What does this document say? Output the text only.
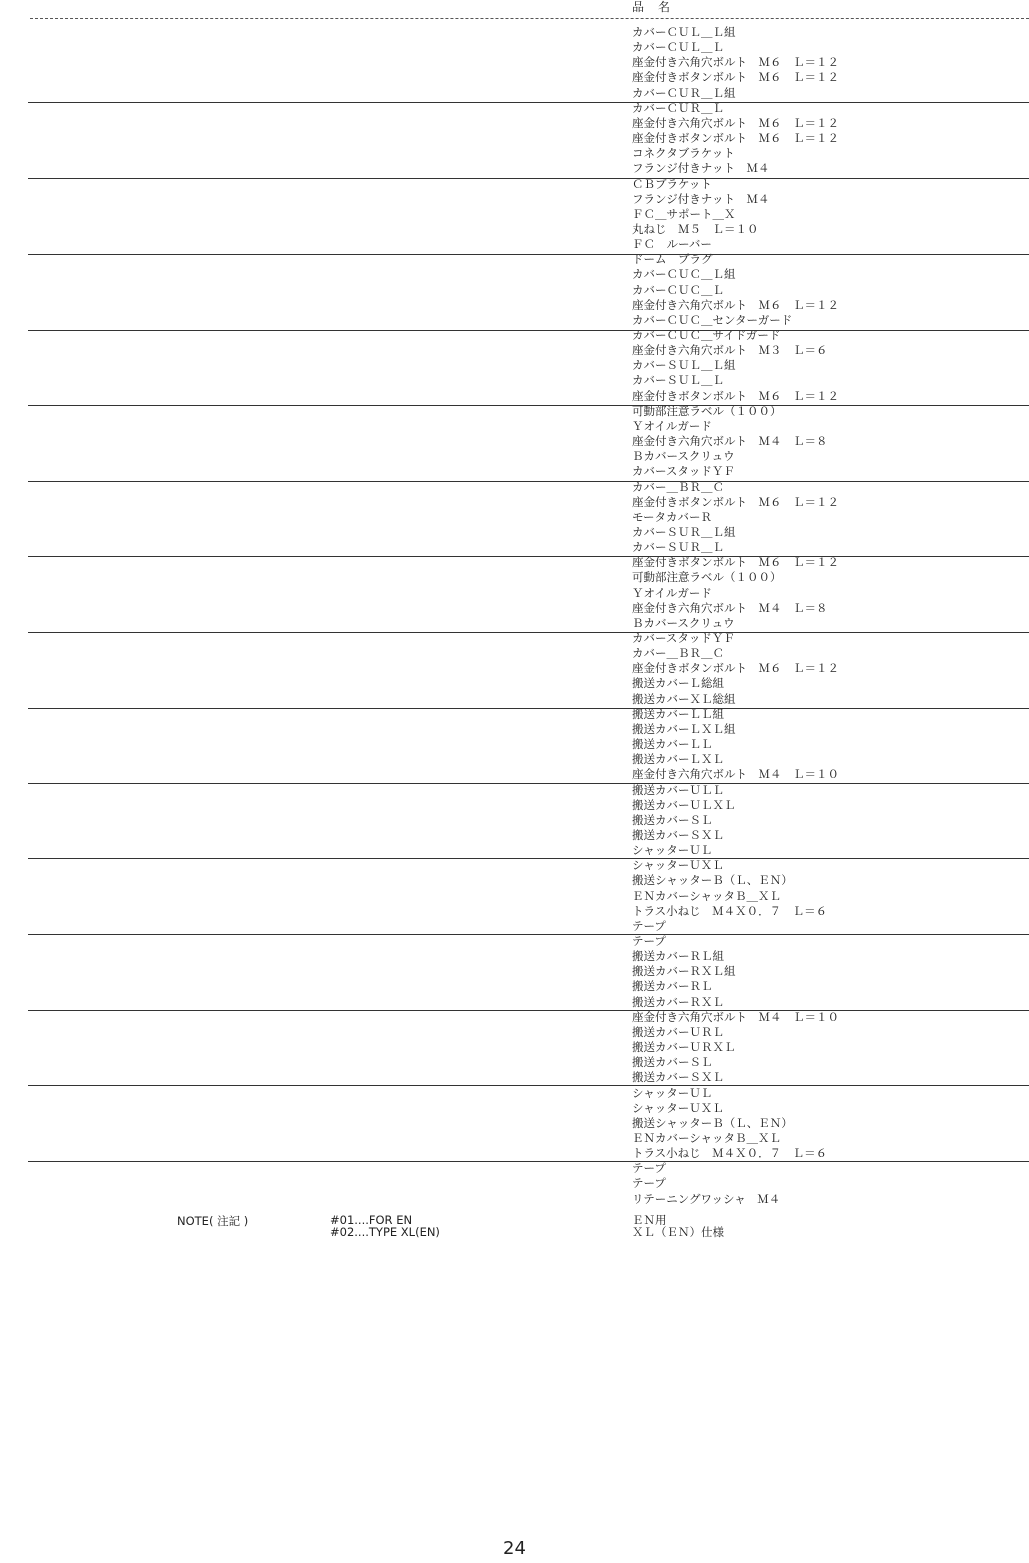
品　名
カバーＣＵＬ＿Ｌ組
カバーＣＵＬ＿Ｌ
座金付き六角穴ボルト　Ｍ６　Ｌ＝１２
座金付きボタンボルト　Ｍ６　Ｌ＝１２
カバーＣＵＲ＿Ｌ組
カバーＣＵＲ＿Ｌ
座金付き六角穴ボルト　Ｍ６　Ｌ＝１２
座金付きボタンボルト　Ｍ６　Ｌ＝１２
コネクタブラケット
フランジ付きナット　Ｍ４
ＣＢブラケット
フランジ付きナット　Ｍ４
ＦＣ＿サポート＿Ｘ
丸ねじ　Ｍ５　Ｌ＝１０
ＦＣ　ルーバー
ドーム　プラグ
カバーＣＵＣ＿Ｌ組
カバーＣＵＣ＿Ｌ
座金付き六角穴ボルト　Ｍ６　Ｌ＝１２
カバーＣＵＣ＿センターガード
カバーＣＵＣ＿サイドガード
座金付き六角穴ボルト　Ｍ３　Ｌ＝６
カバーＳＵＬ＿Ｌ組
カバーＳＵＬ＿Ｌ
座金付きボタンボルト　Ｍ６　Ｌ＝１２
可動部注意ラベル（１００）
Ｙオイルガード
座金付き六角穴ボルト　Ｍ４　Ｌ＝８
Ｂカバースクリュウ
カバースタッドＹＦ
カバー＿ＢＲ＿Ｃ
座金付きボタンボルト　Ｍ６　Ｌ＝１２
モータカバーＲ
カバーＳＵＲ＿Ｌ組
カバーＳＵＲ＿Ｌ
座金付きボタンボルト　Ｍ６　Ｌ＝１２
可動部注意ラベル（１００）
Ｙオイルガード
座金付き六角穴ボルト　Ｍ４　Ｌ＝８
Ｂカバースクリュウ
カバースタッドＹＦ
カバー＿ＢＲ＿Ｃ
座金付きボタンボルト　Ｍ６　Ｌ＝１２
搬送カバーＬ総組
搬送カバーＸＬ総組
搬送カバーＬＬ組
搬送カバーＬＸＬ組
搬送カバーＬＬ
搬送カバーＬＸＬ
座金付き六角穴ボルト　Ｍ４　Ｌ＝１０
搬送カバーＵＬＬ
搬送カバーＵＬＸＬ
搬送カバーＳＬ
搬送カバーＳＸＬ
シャッターＵＬ
シャッターＵＸＬ
搬送シャッターＢ（Ｌ、ＥＮ）
ＥＮカバーシャッタＢ＿ＸＬ
トラス小ねじ　Ｍ４Ｘ０．７　Ｌ＝６
テープ
テープ
搬送カバーＲＬ組
搬送カバーＲＸＬ組
搬送カバーＲＬ
搬送カバーＲＸＬ
座金付き六角穴ボルト　Ｍ４　Ｌ＝１０
搬送カバーＵＲＬ
搬送カバーＵＲＸＬ
搬送カバーＳＬ
搬送カバーＳＸＬ
シャッターＵＬ
シャッターＵＸＬ
搬送シャッターＢ（Ｌ、ＥＮ）
ＥＮカバーシャッタＢ＿ＸＬ
トラス小ねじ　Ｍ４Ｘ０．７　Ｌ＝６
テープ
テープ
リテーニングワッシャ　Ｍ４
NOTE( 注記 )	#01....FOR EN
#02....TYPE XL(EN)
ＥＮ用
ＸＬ（ＥＮ）仕様
24
